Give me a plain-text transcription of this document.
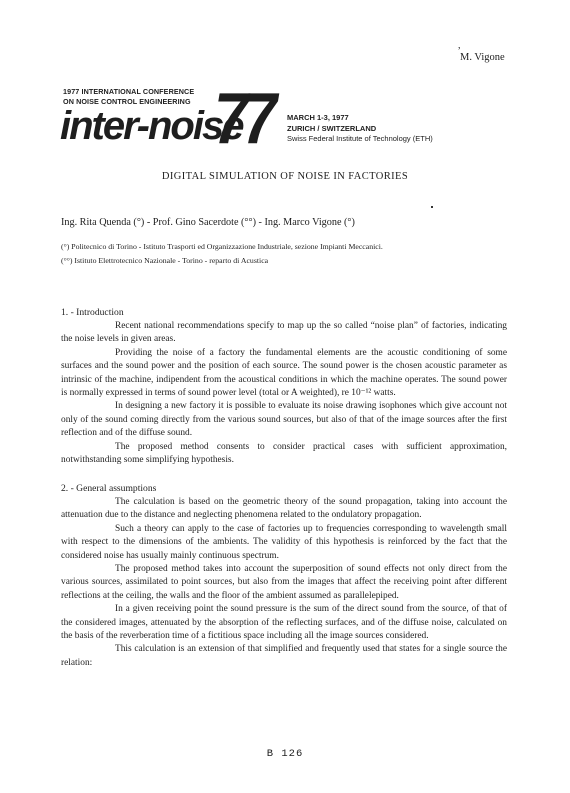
,
M. Vigone
1977 INTERNATIONAL CONFERENCE
ON NOISE CONTROL ENGINEERING
inter-noise
77 MARCH 1-3, 1977
ZURICH / SWITZERLAND
Swiss Federal Institute of Technology (ETH)
DIGITAL SIMULATION OF NOISE IN FACTORIES
Ing. Rita Quenda (°) - Prof. Gino Sacerdote (°°) - Ing. Marco Vigone (°)
(°) Politecnico di Torino - Istituto Trasporti ed Organizzazione Industriale, sezione Impianti Meccanici.
(°°) Istituto Elettrotecnico Nazionale - Torino - reparto di Acustica
1. - Introduction

Recent national recommendations specify to map up the so called “noise plan” of factories, indicating the noise levels in given areas.

Providing the noise of a factory the fundamental elements are the acoustic conditioning of some surfaces and the sound power and the position of each source. The sound power is the chosen acoustic parameter as intrinsic of the machine, indipendent from the acoustical conditions in which the machine operates. The sound power is normally expressed in terms of sound power level (total or A weighted), re 10⁻¹² watts.

In designing a new factory it is possible to evaluate its noise drawing isophones which give account not only of the sound coming directly from the various sound sources, but also of that of the image sources after the first reflection and of the diffuse sound.

The proposed method consents to consider practical cases with sufficient approximation, notwithstanding some simplifying hypothesis.

2. - General assumptions

The calculation is based on the geometric theory of the sound propagation, taking into account the attenuation due to the distance and neglecting phenomena related to the ondulatory propagation.

Such a theory can apply to the case of factories up to frequencies corresponding to wavelength small with respect to the dimensions of the ambients. The validity of this hypothesis is reinforced by the fact that the considered noise has usually mainly continuous spectrum.

The proposed method takes into account the superposition of sound effects not only direct from the various sources, assimilated to point sources, but also from the images that affect the receiving point after different reflections at the ceiling, the walls and the floor of the ambient assumed as parallelepiped.

In a given receiving point the sound pressure is the sum of the direct sound from the source, of that of the considered images, attenuated by the absorption of the reflecting surfaces, and of the diffuse noise, calculated on the basis of the reverberation time of a fictitious space including all the image sources considered.

This calculation is an extension of that simplified and frequently used that states for a single source the relation:

B 126
